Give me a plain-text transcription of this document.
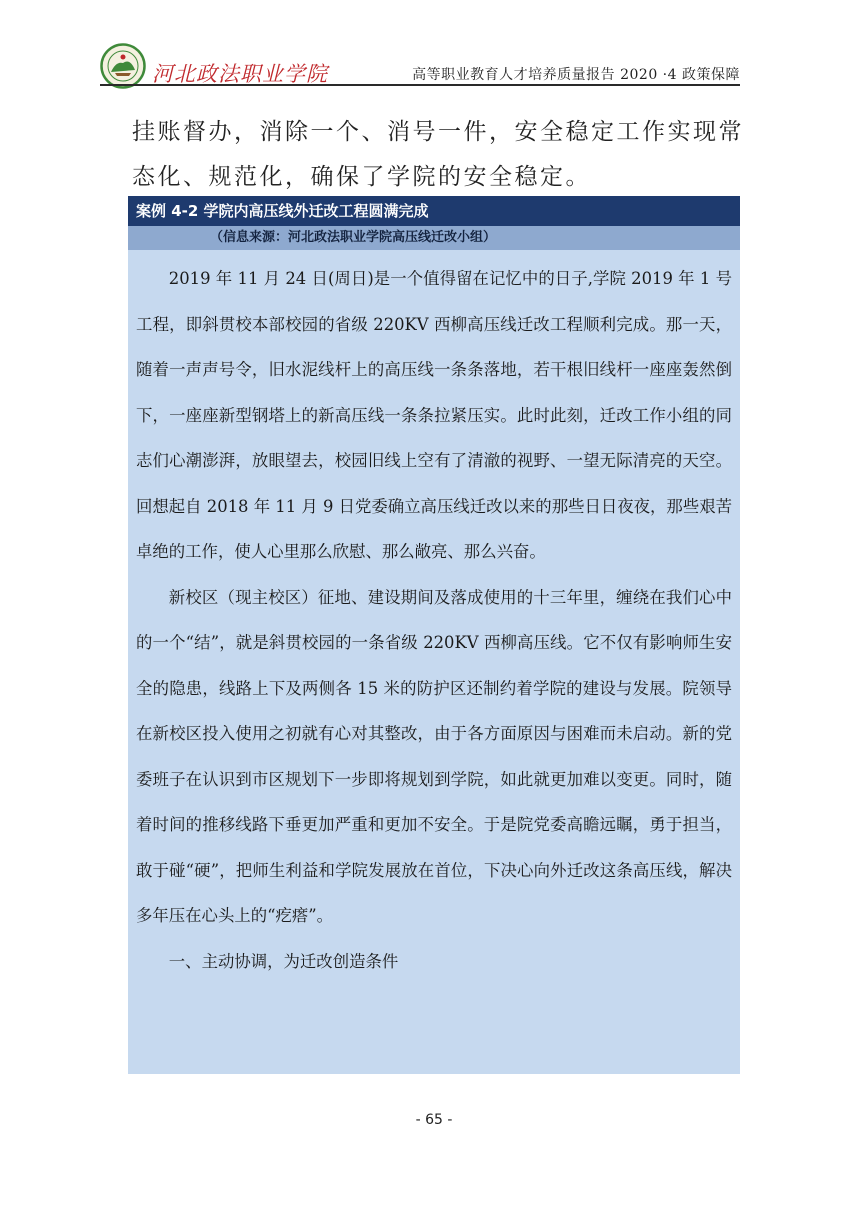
河北政法职业学院	高等职业教育人才培养质量报告 2020 ·4 政策保障
挂账督办，消除一个、消号一件，安全稳定工作实现常态化、规范化，确保了学院的安全稳定。
案例 4-2 学院内高压线外迁改工程圆满完成
（信息来源：河北政法职业学院高压线迁改小组）

2019 年 11 月 24 日(周日)是一个值得留在记忆中的日子,学院 2019 年 1 号工程，即斜贯校本部校园的省级 220KV 西柳高压线迁改工程顺利完成。那一天，随着一声声号令，旧水泥线杆上的高压线一条条落地，若干根旧线杆一座座轰然倒下，一座座新型钢塔上的新高压线一条条拉紧压实。此时此刻，迁改工作小组的同志们心潮澎湃，放眼望去，校园旧线上空有了清澈的视野、一望无际清亮的天空。回想起自 2018 年 11 月 9 日党委确立高压线迁改以来的那些日日夜夜，那些艰苦卓绝的工作，使人心里那么欣慰、那么敞亮、那么兴奋。

新校区（现主校区）征地、建设期间及落成使用的十三年里，缠绕在我们心中的一个“结”，就是斜贯校园的一条省级 220KV 西柳高压线。它不仅有影响师生安全的隐患，线路上下及两侧各 15 米的防护区还制约着学院的建设与发展。院领导在新校区投入使用之初就有心对其整改，由于各方面原因与困难而未启动。新的党委班子在认识到市区规划下一步即将规划到学院，如此就更加难以变更。同时，随着时间的推移线路下垂更加严重和更加不安全。于是院党委高瞻远瞩，勇于担当，敢于碰“硬”，把师生利益和学院发展放在首位，下决心向外迁改这条高压线，解决多年压在心头上的“疙瘩”。

一、主动协调，为迁改创造条件

- 65 -
